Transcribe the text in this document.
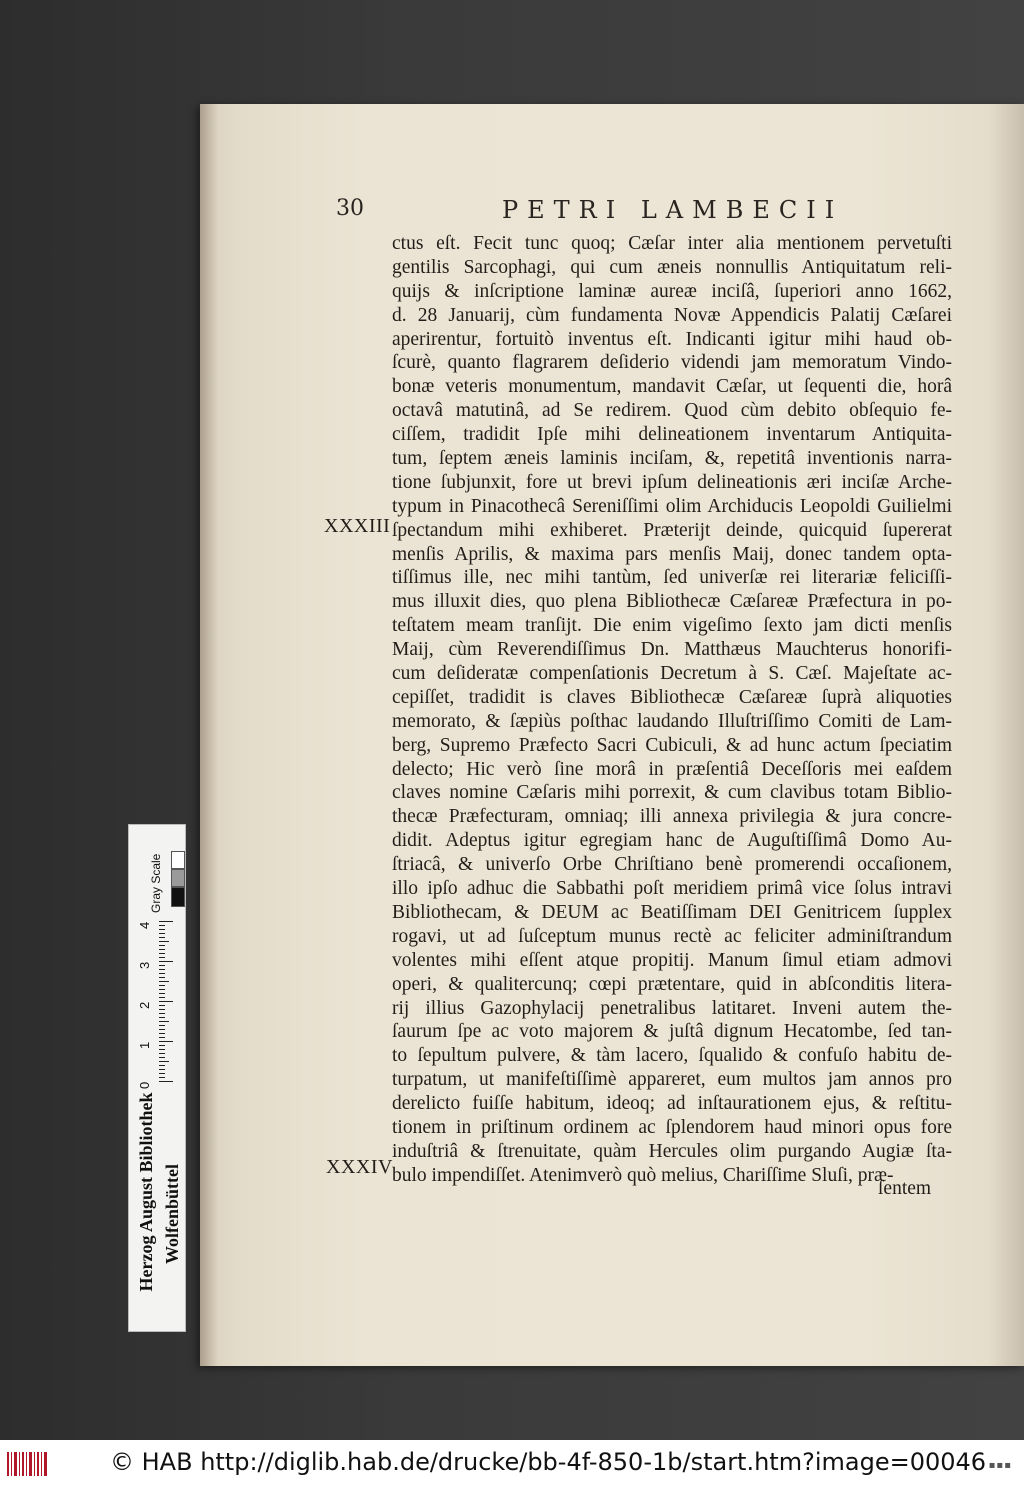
30	PETRI LAMBECII
ctus eſt. Fecit tunc quoq; Cæſar inter alia mentionem pervetuſti
gentilis Sarcophagi, qui cum æneis nonnullis Antiquitatum reli-
quijs & inſcriptione laminæ aureæ inciſâ, ſuperiori anno 1662,
d. 28 Januarij, cùm fundamenta Novæ Appendicis Palatij Cæſarei
aperirentur, fortuitò inventus eſt. Indicanti igitur mihi haud ob-
ſcurè, quanto flagrarem deſiderio videndi jam memoratum Vindo-
bonæ veteris monumentum, mandavit Cæſar, ut ſequenti die, horâ
octavâ matutinâ, ad Se redirem. Quod cùm debito obſequio fe-
ciſſem, tradidit Ipſe mihi delineationem inventarum Antiquita-
tum, ſeptem æneis laminis inciſam, &, repetitâ inventionis narra-
tione ſubjunxit, fore ut brevi ipſum delineationis æri inciſæ Arche-
typum in Pinacothecâ Sereniſſimi olim Archiducis Leopoldi Guilielmi
ſpectandum mihi exhiberet. Præterijt deinde, quicquid ſupererat
menſis Aprilis, & maxima pars menſis Maij, donec tandem opta-
tiſſimus ille, nec mihi tantùm, ſed univerſæ rei literariæ feliciſſi-
mus illuxit dies, quo plena Bibliothecæ Cæſareæ Præfectura in po-
teſtatem meam tranſijt. Die enim vigeſimo ſexto jam dicti menſis
Maij, cùm Reverendiſſimus Dn. Matthæus Mauchterus honorifi-
cum deſideratæ compenſationis Decretum à S. Cæſ. Majeſtate ac-
cepiſſet, tradidit is claves Bibliothecæ Cæſareæ ſuprà aliquoties
memorato, & ſæpiùs poſthac laudando Illuſtriſſimo Comiti de Lam-
berg, Supremo Præfecto Sacri Cubiculi, & ad hunc actum ſpeciatim
delecto; Hic verò ſine morâ in præſentiâ Deceſſoris mei eaſdem
claves nomine Cæſaris mihi porrexit, & cum clavibus totam Biblio-
thecæ Præfecturam, omniaq; illi annexa privilegia & jura concre-
didit. Adeptus igitur egregiam hanc de Auguſtiſſimâ Domo Au-
ſtriacâ, & univerſo Orbe Chriſtiano benè promerendi occaſionem,
illo ipſo adhuc die Sabbathi poſt meridiem primâ vice ſolus intravi
Bibliothecam, & DEUM ac Beatiſſimam DEI Genitricem ſupplex
rogavi, ut ad ſuſceptum munus rectè ac feliciter adminiſtrandum
volentes mihi eſſent atque propitij. Manum ſimul etiam admovi
operi, & qualitercunq; cœpi prætentare, quid in abſconditis litera-
rij illius Gazophylacij penetralibus latitaret. Inveni autem the-
ſaurum ſpe ac voto majorem & juſtâ dignum Hecatombe, ſed tan-
to ſepultum pulvere, & tàm lacero, ſqualido & confuſo habitu de-
turpatum, ut manifeſtiſſimè appareret, eum multos jam annos pro
derelicto fuiſſe habitum, ideoq; ad inſtaurationem ejus, & reſtitu-
tionem in priſtinum ordinem ac ſplendorem haud minori opus fore
induſtriâ & ſtrenuitate, quàm Hercules olim purgando Augiæ ſta-
bulo impendiſſet. Atenimverò quò melius, Chariſſime Sluſi, præ-
XXXIII
XXXIV
ſentem
Gray Scale
4
3
2
1
0
Herzog August Bibliothek Wolfenbüttel
© HAB http://diglib.hab.de/drucke/bb-4f-850-1b/start.htm?image=00046 ▪▪▪
